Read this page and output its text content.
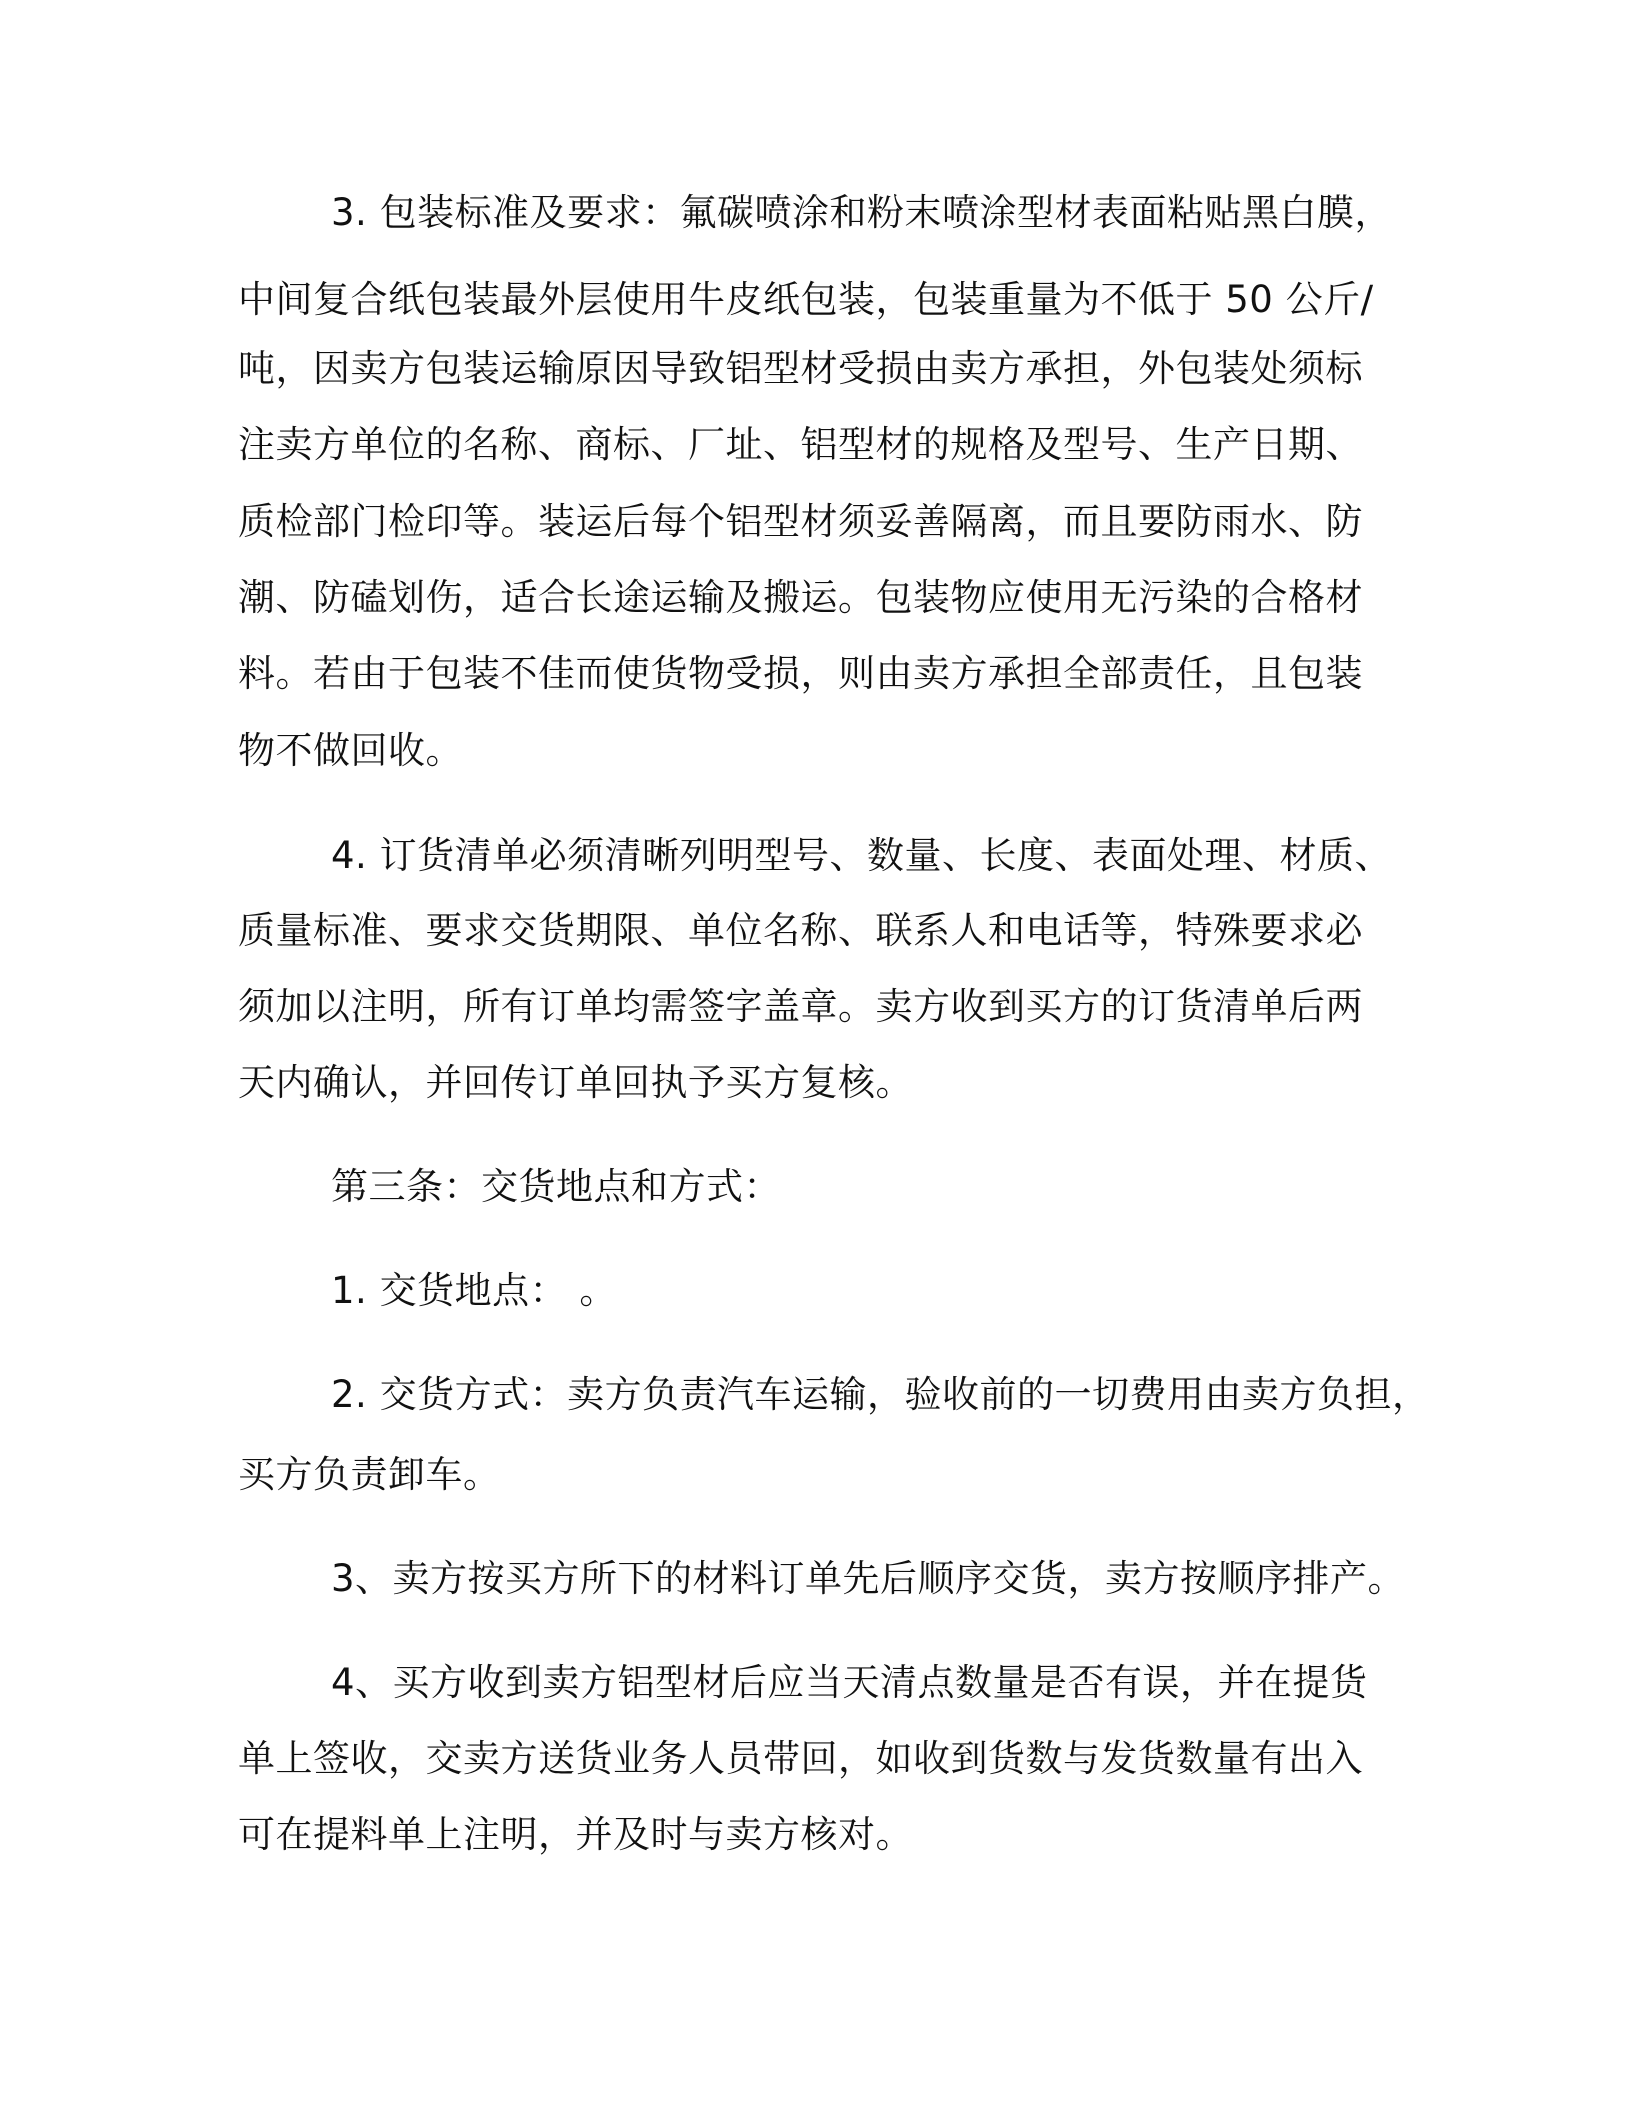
3. 包装标准及要求：氟碳喷涂和粉末喷涂型材表面粘贴黑白膜，

中间复合纸包装最外层使用牛皮纸包装，包装重量为不低于 50 公斤/

吨，因卖方包装运输原因导致铝型材受损由卖方承担，外包装处须标

注卖方单位的名称、商标、厂址、铝型材的规格及型号、生产日期、

质检部门检印等。装运后每个铝型材须妥善隔离，而且要防雨水、防

潮、防磕划伤，适合长途运输及搬运。包装物应使用无污染的合格材

料。若由于包装不佳而使货物受损，则由卖方承担全部责任，且包装

物不做回收。

4. 订货清单必须清晰列明型号、数量、长度、表面处理、材质、

质量标准、要求交货期限、单位名称、联系人和电话等，特殊要求必

须加以注明，所有订单均需签字盖章。卖方收到买方的订货清单后两

天内确认，并回传订单回执予买方复核。

第三条：交货地点和方式：

1. 交货地点： 。

2. 交货方式：卖方负责汽车运输，验收前的一切费用由卖方负担，

买方负责卸车。

3、卖方按买方所下的材料订单先后顺序交货，卖方按顺序排产。

4、买方收到卖方铝型材后应当天清点数量是否有误，并在提货

单上签收，交卖方送货业务人员带回，如收到货数与发货数量有出入

可在提料单上注明，并及时与卖方核对。
